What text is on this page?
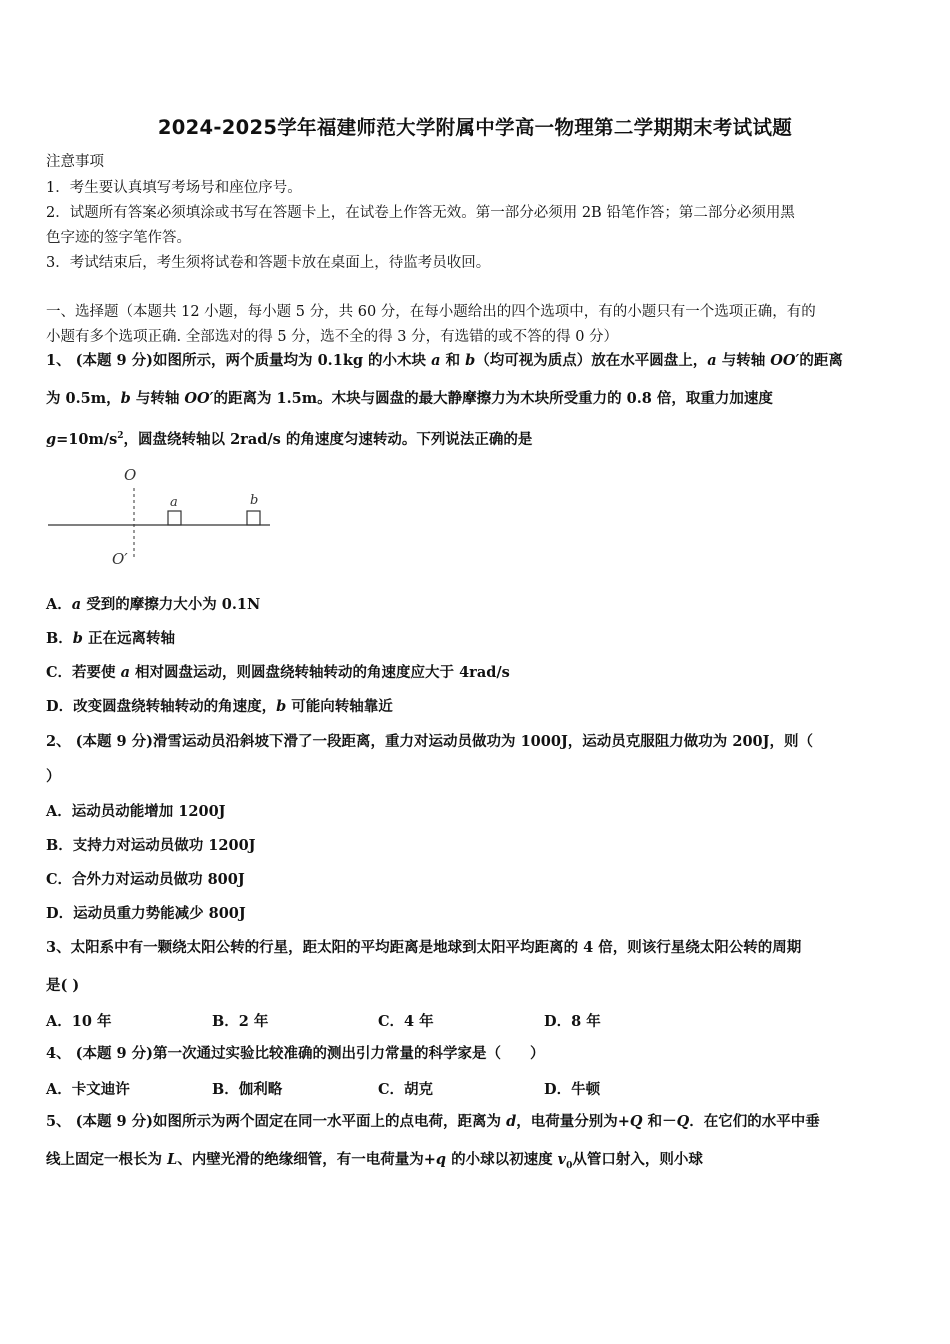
2024-2025学年福建师范大学附属中学高一物理第二学期期末考试试题
注意事项
1．考生要认真填写考场号和座位序号。
2．试题所有答案必须填涂或书写在答题卡上，在试卷上作答无效。第一部分必须用 2B 铅笔作答；第二部分必须用黑
色字迹的签字笔作答。
3．考试结束后，考生须将试卷和答题卡放在桌面上，待监考员收回。
一、选择题（本题共 12 小题，每小题 5 分，共 60 分，在每小题给出的四个选项中，有的小题只有一个选项正确，有的
小题有多个选项正确. 全部选对的得 5 分，选不全的得 3 分，有选错的或不答的得 0 分）
1、 (本题 9 分)如图所示，两个质量均为 0.1kg 的小木块 a 和 b（均可视为质点）放在水平圆盘上，a 与转轴 OO′的距离
为 0.5m，b 与转轴 OO′的距离为 1.5m。木块与圆盘的最大静摩擦力为木块所受重力的 0.8 倍，取重力加速度
$g=10m/s^2$，圆盘绕转轴以 2rad/s 的角速度匀速转动。下列说法正确的是
O
O′
a	b
A．a 受到的摩擦力大小为 0.1N
B．b 正在远离转轴
C．若要使 a 相对圆盘运动，则圆盘绕转轴转动的角速度应大于 4rad/s
D．改变圆盘绕转轴转动的角速度，b 可能向转轴靠近
2、 (本题 9 分)滑雪运动员沿斜坡下滑了一段距离，重力对运动员做功为 1000J，运动员克服阻力做功为 200J，则（
）
A．运动员动能增加 1200J
B．支持力对运动员做功 1200J
C．合外力对运动员做功 800J
D．运动员重力势能减少 800J
3、太阳系中有一颗绕太阳公转的行星，距太阳的平均距离是地球到太阳平均距离的 4 倍，则该行星绕太阳公转的周期
是( )
A．10 年	B．2 年	C．4 年	D．8 年
4、 (本题 9 分)第一次通过实验比较准确的测出引力常量的科学家是（　　）
A．卡文迪许	B．伽利略	C．胡克	D．牛顿
5、 (本题 9 分)如图所示为两个固定在同一水平面上的点电荷，距离为 d，电荷量分别为+Q 和－Q．在它们的水平中垂
线上固定一根长为 L、内壁光滑的绝缘细管，有一电荷量为+q 的小球以初速度 $v_0$从管口射入，则小球
